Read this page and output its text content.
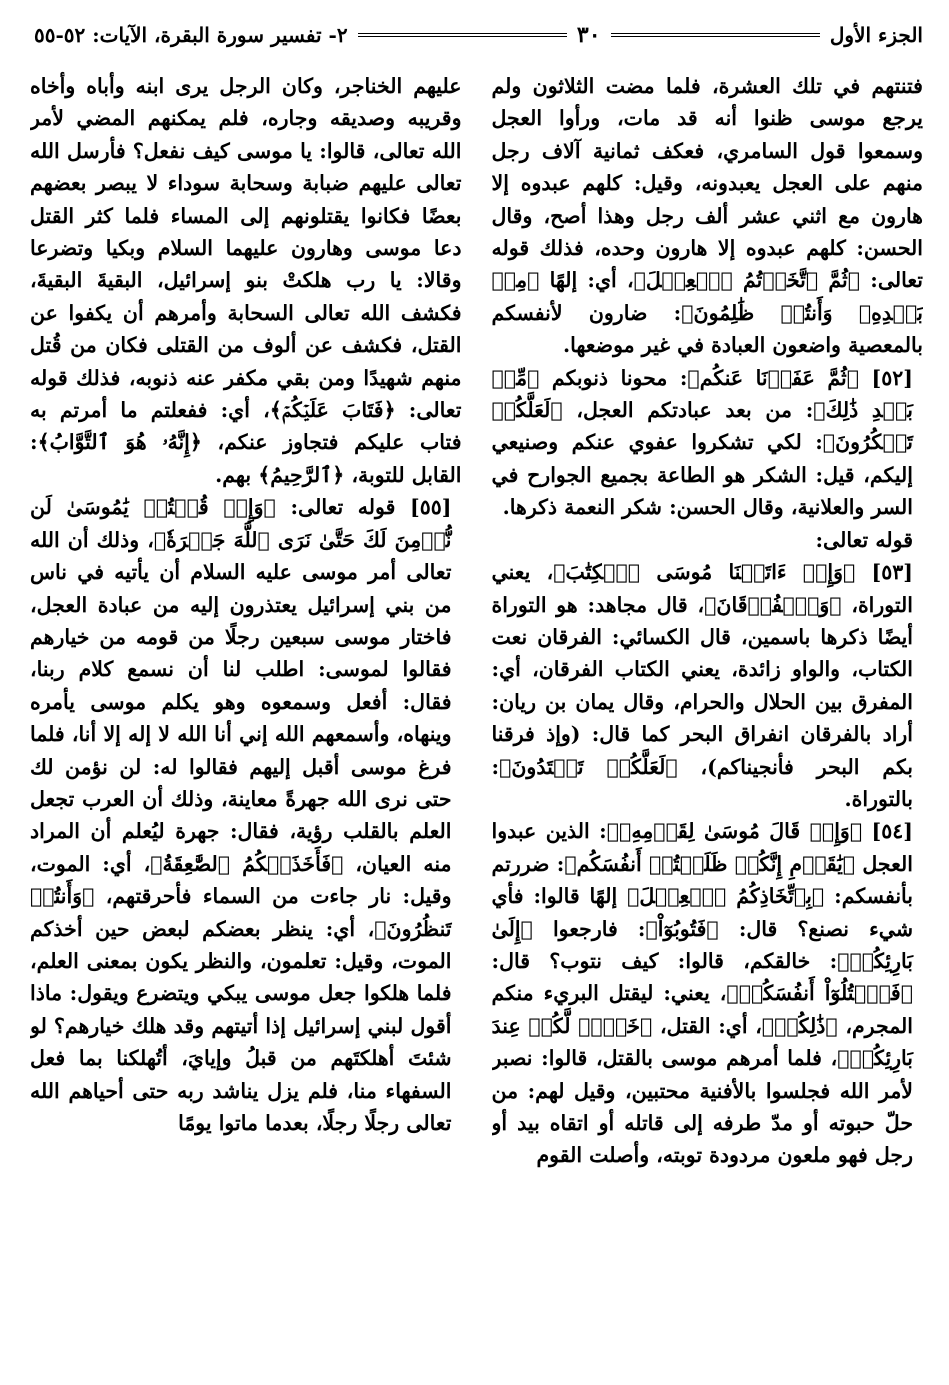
الجزء الأول
٣٠
٢- تفسير سورة البقرة، الآيات: ٥٢-٥٥

فتنتهم في تلك العشرة، فلما مضت الثلاثون ولم يرجع موسى ظنوا أنه قد مات، ورأوا العجل وسمعوا قول السامري، فعكف ثمانية آلاف رجل منهم على العجل يعبدونه، وقيل: كلهم عبدوه إلا هارون مع اثني عشر ألف رجل وهذا أصح، وقال الحسن: كلهم عبدوه إلا هارون وحده، فذلك قوله تعالى: ﴿ثُمَّ ٱتَّخَذۡتُمُ ٱلۡعِجۡلَ﴾، أي: إلهًا ﴿مِنۢ بَعۡدِهِۦ وَأَنتُمۡ ظَٰلِمُونَ﴾: ضارون لأنفسكم بالمعصية واضعون العبادة في غير موضعها.

[٥٢] ﴿ثُمَّ عَفَوۡنَا عَنكُم﴾: محونا ذنوبكم ﴿مِّنۢ بَعۡدِ ذَٰلِكَ﴾: من بعد عبادتكم العجل، ﴿لَعَلَّكُمۡ تَشۡكُرُونَ﴾: لكي تشكروا عفوي عنكم وصنيعي إليكم، قيل: الشكر هو الطاعة بجميع الجوارح في السر والعلانية، وقال الحسن: شكر النعمة ذكرها.

قوله تعالى:

[٥٣] ﴿وَإِذۡ ءَاتَيۡنَا مُوسَى ٱلۡكِتَٰبَ﴾، يعني التوراة، ﴿وَٱلۡفُرۡقَانَ﴾، قال مجاهد: هو التوراة أيضًا ذكرها باسمين، قال الكسائي: الفرقان نعت الكتاب، والواو زائدة، يعني الكتاب الفرقان، أي: المفرق بين الحلال والحرام، وقال يمان بن ريان: أراد بالفرقان انفراق البحر كما قال: (وإذ فرقنا بكم البحر فأنجيناكم)، ﴿لَعَلَّكُمۡ تَهۡتَدُونَ﴾: بالتوراة.

[٥٤] ﴿وَإِذۡ قَالَ مُوسَىٰ لِقَوۡمِهِۦ﴾: الذين عبدوا العجل ﴿يَٰقَوۡمِ إِنَّكُمۡ ظَلَمۡتُمۡ أَنفُسَكُم﴾: ضررتم بأنفسكم: ﴿بِٱتِّخَاذِكُمُ ٱلۡعِجۡلَ﴾ إلهًا قالوا: فأي شيء نصنع؟ قال: ﴿فَتُوبُوٓاْ﴾: فارجعوا ﴿إِلَىٰ بَارِئِكُمۡ﴾: خالقكم، قالوا: كيف نتوب؟ قال: ﴿فَٱقۡتُلُوٓاْ أَنفُسَكُمۡ﴾، يعني: ليقتل البريء منكم المجرم، ﴿ذَٰلِكُمۡ﴾، أي: القتل، ﴿خَيۡرٞ لَّكُمۡ عِندَ بَارِئِكُمۡ﴾، فلما أمرهم موسى بالقتل، قالوا: نصبر لأمر الله فجلسوا بالأفنية محتبين، وقيل لهم: من حلّ حبوته أو مدّ طرفه إلى قاتله أو اتقاه بيد أو رجل فهو ملعون مردودة توبته، وأصلت القوم

عليهم الخناجر، وكان الرجل يرى ابنه وأباه وأخاه وقريبه وصديقه وجاره، فلم يمكنهم المضي لأمر الله تعالى، قالوا: يا موسى كيف نفعل؟ فأرسل الله تعالى عليهم ضبابة وسحابة سوداء لا يبصر بعضهم بعضًا فكانوا يقتلونهم إلى المساء فلما كثر القتل دعا موسى وهارون عليهما السلام وبكيا وتضرعا وقالا: يا رب هلكتْ بنو إسرائيل، البقيةَ البقيةَ، فكشف الله تعالى السحابة وأمرهم أن يكفوا عن القتل، فكشف عن ألوف من القتلى فكان من قُتل منهم شهيدًا ومن بقي مكفر عنه ذنوبه، فذلك قوله تعالى: ﴿فَتَابَ عَلَيۡكُمۡ﴾، أي: ففعلتم ما أمرتم به فتاب عليكم فتجاوز عنكم، ﴿إِنَّهُۥ هُوَ ٱلتَّوَّابُ﴾: القابل للتوبة، ﴿ٱلرَّحِيمُ﴾ بهم.

[٥٥] قوله تعالى: ﴿وَإِذۡ قُلۡتُمۡ يَٰمُوسَىٰ لَن نُّؤۡمِنَ لَكَ حَتَّىٰ نَرَى ٱللَّهَ جَهۡرَةٗ﴾، وذلك أن الله تعالى أمر موسى عليه السلام أن يأتيه في ناس من بني إسرائيل يعتذرون إليه من عبادة العجل، فاختار موسى سبعين رجلًا من قومه من خيارهم فقالوا لموسى: اطلب لنا أن نسمع كلام ربنا، فقال: أفعل وسمعوه وهو يكلم موسى يأمره وينهاه، وأسمعهم الله إني أنا الله لا إله إلا أنا، فلما فرغ موسى أقبل إليهم فقالوا له: لن نؤمن لك حتى نرى الله جهرةً معاينة، وذلك أن العرب تجعل العلم بالقلب رؤية، فقال: جهرة ليُعلم أن المراد منه العيان، ﴿فَأَخَذَتۡكُمُ ٱلصَّٰعِقَةُ﴾، أي: الموت، وقيل: نار جاءت من السماء فأحرقتهم، ﴿وَأَنتُمۡ تَنظُرُونَ﴾، أي: ينظر بعضكم لبعض حين أخذكم الموت، وقيل: تعلمون، والنظر يكون بمعنى العلم، فلما هلكوا جعل موسى يبكي ويتضرع ويقول: ماذا أقول لبني إسرائيل إذا أتيتهم وقد هلك خيارهم؟ لو شئتَ أهلكتَهم من قبلُ وإيايَ، أتُهلكنا بما فعل السفهاء منا، فلم يزل يناشد ربه حتى أحياهم الله تعالى رجلًا رجلًا، بعدما ماتوا يومًا
